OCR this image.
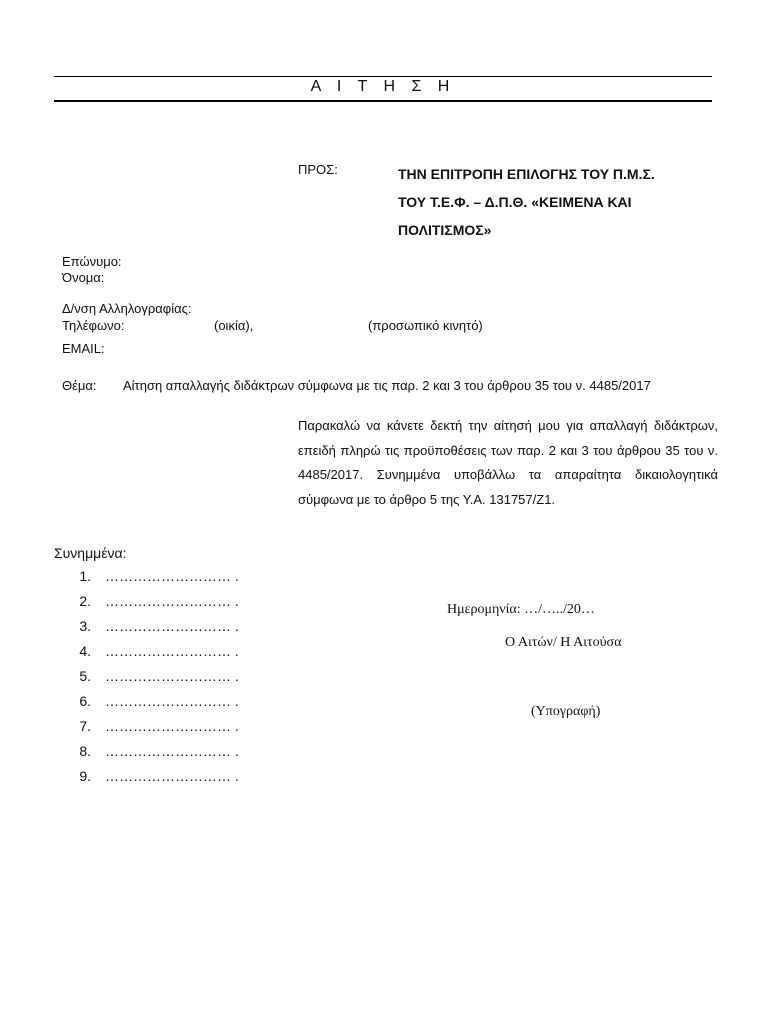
Α Ι Τ Η Σ Η
ΠΡΟΣ:	ΤΗΝ ΕΠΙΤΡΟΠΗ ΕΠΙΛΟΓΗΣ ΤΟΥ Π.Μ.Σ.
ΤΟΥ Τ.Ε.Φ. – Δ.Π.Θ. «ΚΕΙΜΕΝΑ ΚΑΙ
ΠΟΛΙΤΙΣΜΟΣ»
Επώνυμο:
Όνομα:
Δ/νση Αλληλογραφίας:
Τηλέφωνο:	(οικία),	(προσωπικό κινητό)
EMAIL:
Θέμα: Αίτηση απαλλαγής διδάκτρων σύμφωνα με τις παρ. 2 και 3 του άρθρου 35 του ν. 4485/2017
Παρακαλώ να κάνετε δεκτή την αίτησή μου για απαλλαγή διδάκτρων, επειδή πληρώ τις προϋποθέσεις των παρ. 2 και 3 του άρθρου 35 του ν. 4485/2017. Συνημμένα υποβάλλω τα απαραίτητα δικαιολογητικά σύμφωνα με το άρθρο 5 της Υ.Α. 131757/Ζ1.
Συνημμένα:
1. ……………………… .
2. ……………………… .
3. ……………………… .
4. ……………………… .
5. ……………………… .
6. ……………………… .
7. ……………………… .
8. ……………………… .
9. ……………………… .
Ημερομηνία: …/…../20…
Ο Αιτών/ Η Αιτούσα
(Υπογραφή)
